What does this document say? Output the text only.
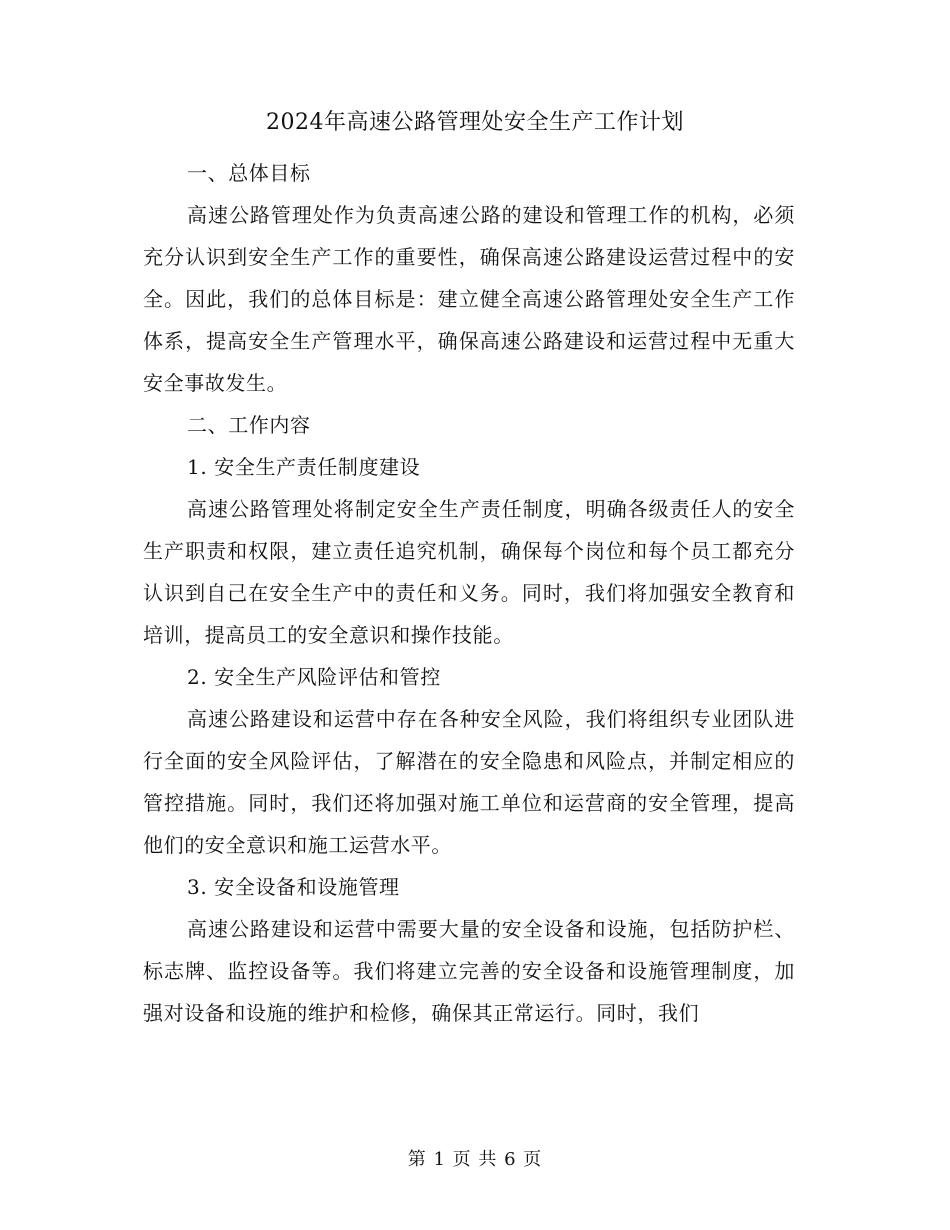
2024年高速公路管理处安全生产工作计划

一、总体目标

高速公路管理处作为负责高速公路的建设和管理工作的机构，必须充分认识到安全生产工作的重要性，确保高速公路建设运营过程中的安全。因此，我们的总体目标是：建立健全高速公路管理处安全生产工作体系，提高安全生产管理水平，确保高速公路建设和运营过程中无重大安全事故发生。

二、工作内容

1. 安全生产责任制度建设

高速公路管理处将制定安全生产责任制度，明确各级责任人的安全生产职责和权限，建立责任追究机制，确保每个岗位和每个员工都充分认识到自己在安全生产中的责任和义务。同时，我们将加强安全教育和培训，提高员工的安全意识和操作技能。

2. 安全生产风险评估和管控

高速公路建设和运营中存在各种安全风险，我们将组织专业团队进行全面的安全风险评估，了解潜在的安全隐患和风险点，并制定相应的管控措施。同时，我们还将加强对施工单位和运营商的安全管理，提高他们的安全意识和施工运营水平。

3. 安全设备和设施管理

高速公路建设和运营中需要大量的安全设备和设施，包括防护栏、标志牌、监控设备等。我们将建立完善的安全设备和设施管理制度，加强对设备和设施的维护和检修，确保其正常运行。同时，我们

第 1 页 共 6 页
